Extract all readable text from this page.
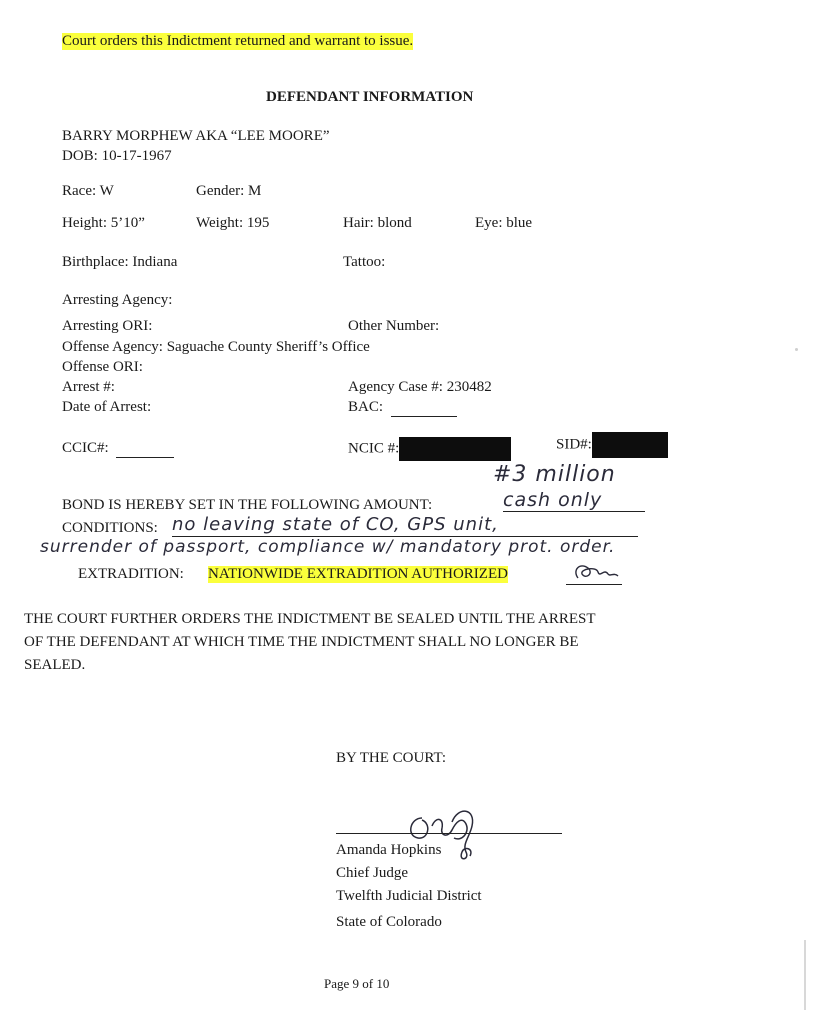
Court orders this Indictment returned and warrant to issue.
DEFENDANT INFORMATION
BARRY MORPHEW AKA “LEE MOORE”
DOB: 10-17-1967
Race: W	Gender: M
Height: 5’10”	Weight: 195	Hair: blond	Eye: blue
Birthplace: Indiana	Tattoo:
Arresting Agency:
Arresting ORI:	Other Number:
Offense Agency: Saguache County Sheriff’s Office
Offense ORI:
Arrest #:	Agency Case #: 230482
Date of Arrest:	BAC:
CCIC#:	NCIC #:	SID#:
#3 million
BOND IS HEREBY SET IN THE FOLLOWING AMOUNT:	cash only
CONDITIONS: no leaving state of CO, GPS unit,
surrender of passport, compliance w/ mandatory prot. order.
EXTRADITION: NATIONWIDE EXTRADITION AUTHORIZED
THE COURT FURTHER ORDERS THE INDICTMENT BE SEALED UNTIL THE ARREST
OF THE DEFENDANT AT WHICH TIME THE INDICTMENT SHALL NO LONGER BE
SEALED.
BY THE COURT:
Amanda Hopkins
Chief Judge
Twelfth Judicial District
State of Colorado
Page 9 of 10
